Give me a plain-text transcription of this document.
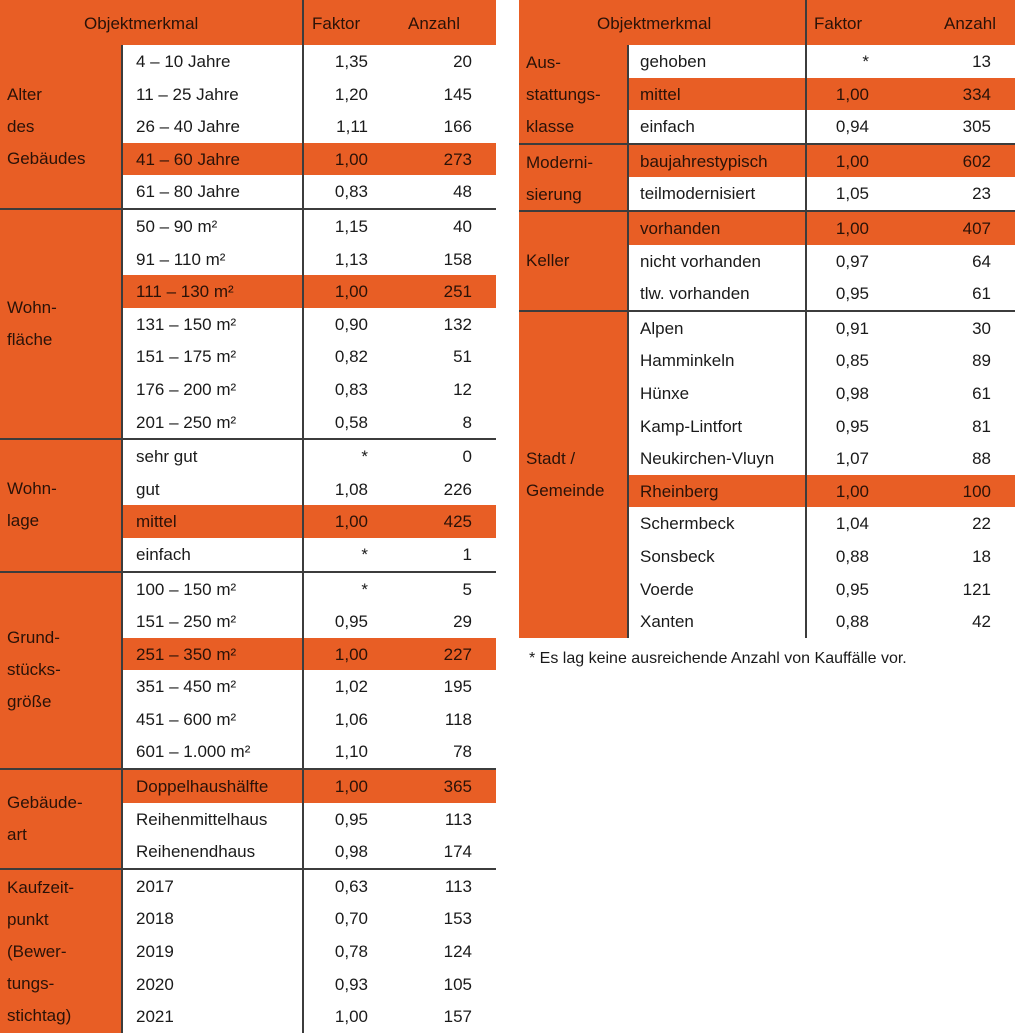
Objektmerkmal	Faktor	Anzahl
Alter
des
Gebäudes
4 – 10 Jahre	1,35	20
11 – 25 Jahre	1,20	145
26 – 40 Jahre	1,11	166
41 – 60 Jahre	1,00	273
61 – 80 Jahre	0,83	48
Wohn-
fläche
50 – 90 m²	1,15	40
91 – 110 m²	1,13	158
111 – 130 m²	1,00	251
131 – 150 m²	0,90	132
151 – 175 m²	0,82	51
176 – 200 m²	0,83	12
201 – 250 m²	0,58	8
Wohn-
lage
sehr gut	*	0
gut	1,08	226
mittel	1,00	425
einfach	*	1
Grund-
stücks-
größe
100 – 150 m²	*	5
151 – 250 m²	0,95	29
251 – 350 m²	1,00	227
351 – 450 m²	1,02	195
451 – 600 m²	1,06	118
601 – 1.000 m²	1,10	78
Gebäude-
art
Doppelhaushälfte	1,00	365
Reihenmittelhaus	0,95	113
Reihenendhaus	0,98	174
Kaufzeit-
punkt
(Bewer-
tungs-
stichtag)
2017	0,63	113
2018	0,70	153
2019	0,78	124
2020	0,93	105
2021	1,00	157
Objektmerkmal	Faktor	Anzahl
Aus-
stattungs-
klasse
gehoben	*	13
mittel	1,00	334
einfach	0,94	305
Moderni-
sierung
baujahrestypisch	1,00	602
teilmodernisiert	1,05	23
Keller
vorhanden	1,00	407
nicht vorhanden	0,97	64
tlw. vorhanden	0,95	61
Stadt /
Gemeinde
Alpen	0,91	30
Hamminkeln	0,85	89
Hünxe	0,98	61
Kamp-Lintfort	0,95	81
Neukirchen-Vluyn	1,07	88
Rheinberg	1,00	100
Schermbeck	1,04	22
Sonsbeck	0,88	18
Voerde	0,95	121
Xanten	0,88	42
* Es lag keine ausreichende Anzahl von Kauffälle vor.
